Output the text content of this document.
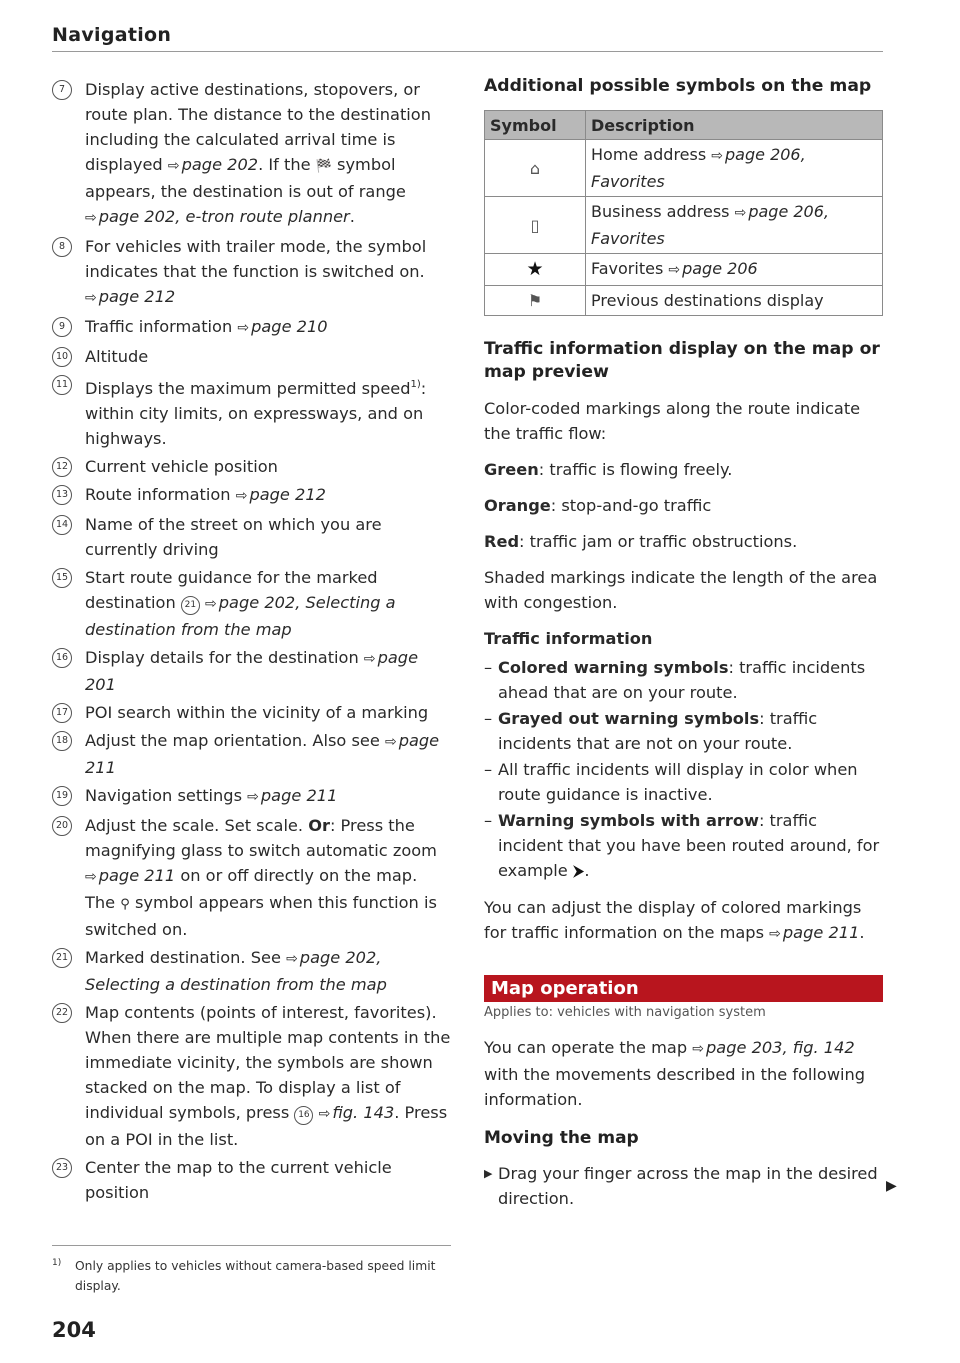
Navigation
7	Display active destinations, stopovers, or route plan. The distance to the destination including the calculated arrival time is displayed ⇨ page 202. If the 🏁 symbol appears, the destination is out of range ⇨ page 202, e-tron route planner.
8	For vehicles with trailer mode, the symbol indicates that the function is switched on. ⇨ page 212
9	Traffic information ⇨ page 210
10 Altitude
11 Displays the maximum permitted speed$^{1)}$: within city limits, on expressways, and on highways.
12 Current vehicle position
13 Route information ⇨ page 212
14 Name of the street on which you are currently driving
15 Start route guidance for the marked destination 21 ⇨ page 202, Selecting a destination from the map
16 Display details for the destination ⇨ page 201
17 POI search within the vicinity of a marking
18 Adjust the map orientation. Also see ⇨ page 211
19 Navigation settings ⇨ page 211
20 Adjust the scale. Set scale. Or: Press the magnifying glass to switch automatic zoom ⇨ page 211 on or off directly on the map. The ⚲ symbol appears when this function is switched on.
21 Marked destination. See ⇨ page 202, Selecting a destination from the map
22 Map contents (points of interest, favorites). When there are multiple map contents in the immediate vicinity, the symbols are shown stacked on the map. To display a list of individual symbols, press 16 ⇨ fig. 143. Press on a POI in the list.
23 Center the map to the current vehicle position
1)	Only applies to vehicles without camera-based speed limit display.
204
Additional possible symbols on the map
Symbol	Description
⌂	Home address ⇨ page 206, Favorites
▯	Business address ⇨ page 206, Favorites
★	Favorites ⇨ page 206
⚑	Previous destinations display
Traffic information display on the map or map preview

Color-coded markings along the route indicate the traffic flow:

Green: traffic is flowing freely.

Orange: stop-and-go traffic

Red: traffic jam or traffic obstructions.

Shaded markings indicate the length of the area with congestion.

Traffic information
– Colored warning symbols: traffic incidents ahead that are on your route.
– Grayed out warning symbols: traffic incidents that are not on your route.
– All traffic incidents will display in color when route guidance is inactive.
– Warning symbols with arrow: traffic incident that you have been routed around, for example ⮞.

You can adjust the display of colored markings for traffic information on the maps ⇨ page 211.

Map operation
Applies to: vehicles with navigation system

You can operate the map ⇨ page 203, fig. 142 with the movements described in the following information.

Moving the map
▶ Drag your finger across the map in the desired direction.
▶
